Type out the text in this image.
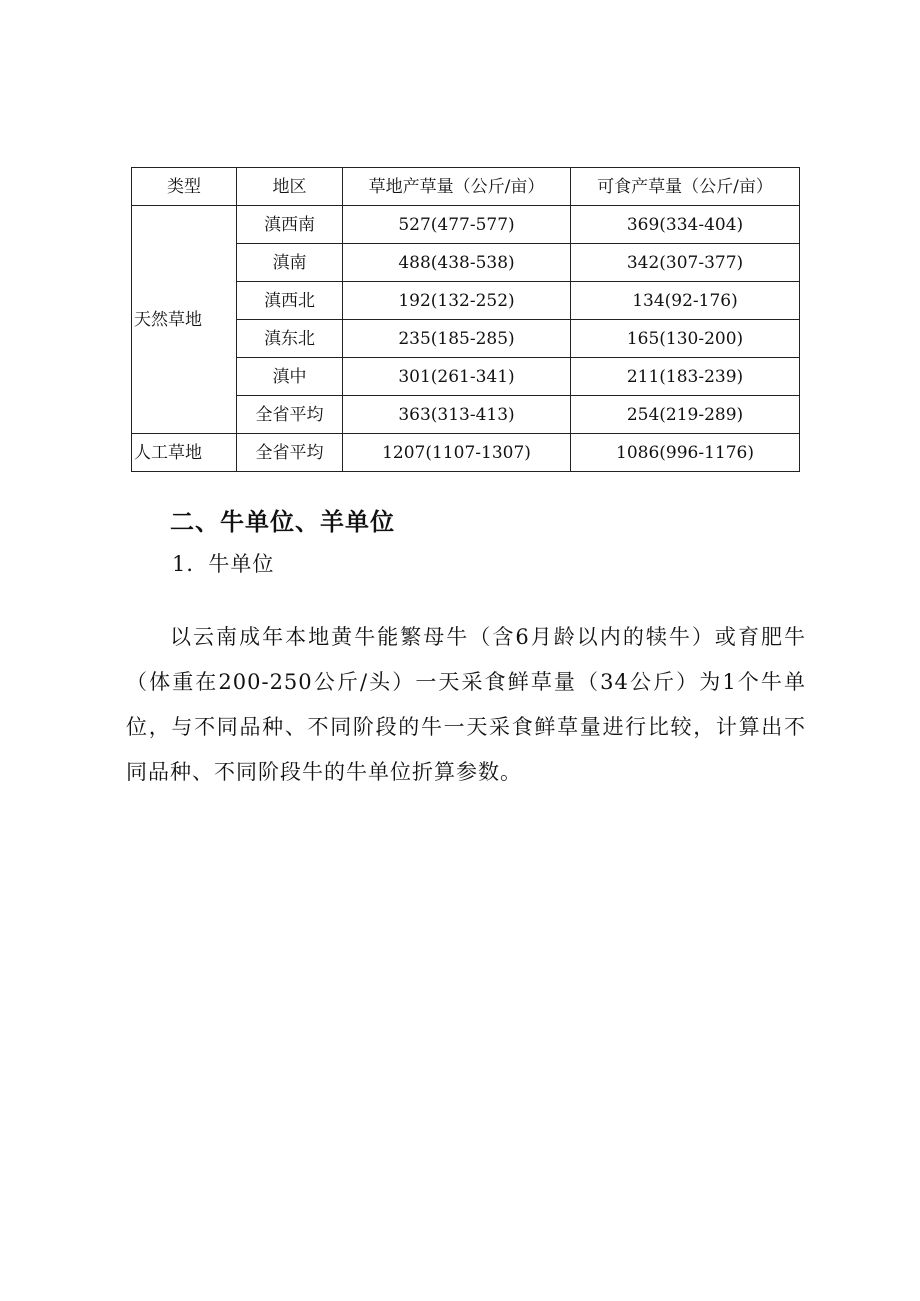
类型	地区	草地产草量（公斤/亩）	可食产草量（公斤/亩）
天然草地	滇西南	527(477-577)	369(334-404)
	滇南	488(438-538)	342(307-377)
	滇西北	192(132-252)	134(92-176)
	滇东北	235(185-285)	165(130-200)
	滇中	301(261-341)	211(183-239)
	全省平均	363(313-413)	254(219-289)
人工草地	全省平均	1207(1107-1307)	1086(996-1176)
二、牛单位、羊单位
1．牛单位

以云南成年本地黄牛能繁母牛（含6月龄以内的犊牛）或育肥牛（体重在200-250公斤/头）一天采食鲜草量（34公斤）为1个牛单位，与不同品种、不同阶段的牛一天采食鲜草量进行比较，计算出不同品种、不同阶段牛的牛单位折算参数。
